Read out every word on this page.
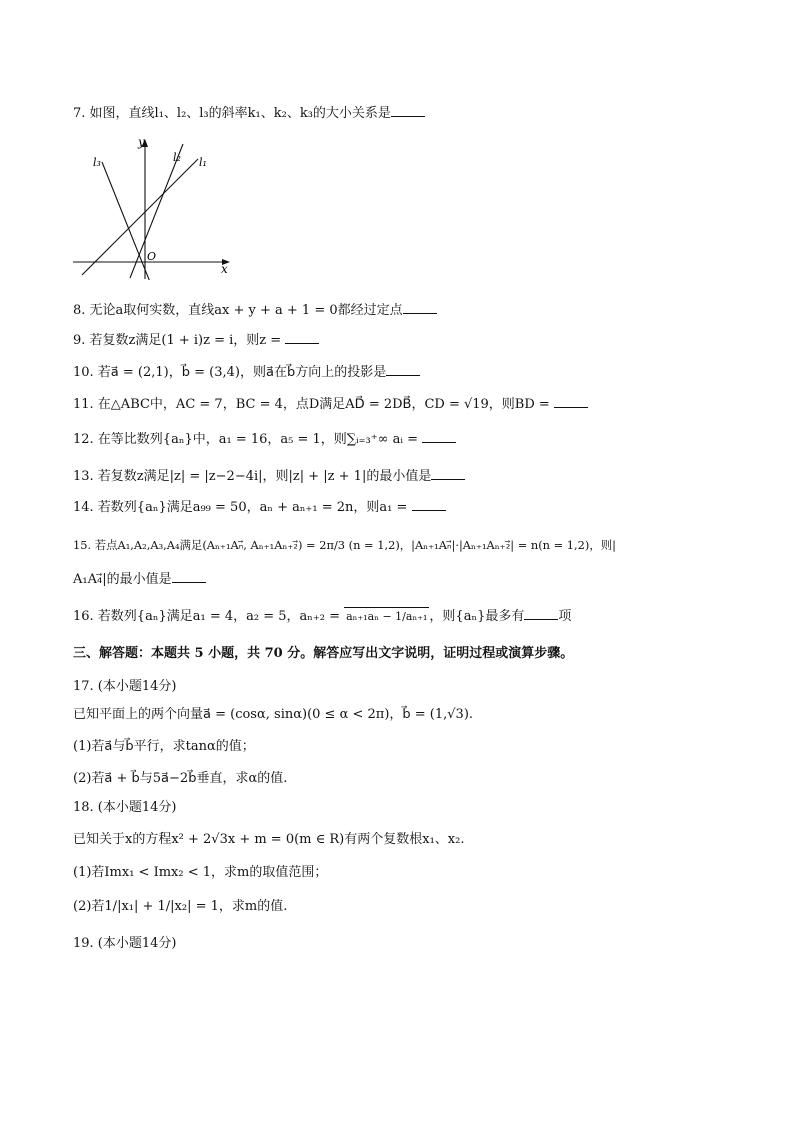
7. 如图，直线l₁、l₂、l₃的斜率k₁、k₂、k₃的大小关系是
y
x
O
l₃	l₂ l₁
8. 无论a取何实数，直线ax + y + a + 1 = 0都经过定点
9. 若复数z满足(1 + i)z = i，则z =
10. 若a⃗ = (2,1)，b⃗ = (3,4)，则a⃗在b⃗方向上的投影是
11. 在△ABC中，AC = 7，BC = 4，点D满足AD⃗ = 2DB⃗，CD = √19，则BD =
12. 在等比数列{aₙ}中，a₁ = 16，a₅ = 1，则∑ᵢ₌₃⁺∞ aᵢ =
13. 若复数z满足|z| = |z−2−4i|，则|z| + |z + 1|的最小值是
14. 若数列{aₙ}满足a₉₉ = 50，aₙ + aₙ₊₁ = 2n，则a₁ =
15. 若点A₁,A₂,A₃,A₄满足(Aₙ₊₁Aₙ⃗, Aₙ₊₁Aₙ₊₂⃗) = 2π/3 (n = 1,2)，|Aₙ₊₁Aₙ⃗|·|Aₙ₊₁Aₙ₊₂⃗| = n(n = 1,2)，则|
A₁A₄⃗|的最小值是
16. 若数列{aₙ}满足a₁ = 4，a₂ = 5，aₙ₊₂ = aₙ₊₁aₙ − 1/aₙ₊₁ ，则{aₙ}最多有	项
三、解答题：本题共 5 小题，共 70 分。解答应写出文字说明，证明过程或演算步骤。
17. (本小题14分)
已知平面上的两个向量a⃗ = (cosα, sinα)(0 ≤ α < 2π)，b⃗ = (1,√3).
(1)若a⃗与b⃗平行，求tanα的值；
(2)若a⃗ + b⃗与5a⃗−2b⃗垂直，求α的值.
18. (本小题14分)
已知关于x的方程x² + 2√3x + m = 0(m ∈ R)有两个复数根x₁、x₂.
(1)若Imx₁ < Imx₂ < 1，求m的取值范围；
(2)若1/|x₁| + 1/|x₂| = 1，求m的值.
19. (本小题14分)
